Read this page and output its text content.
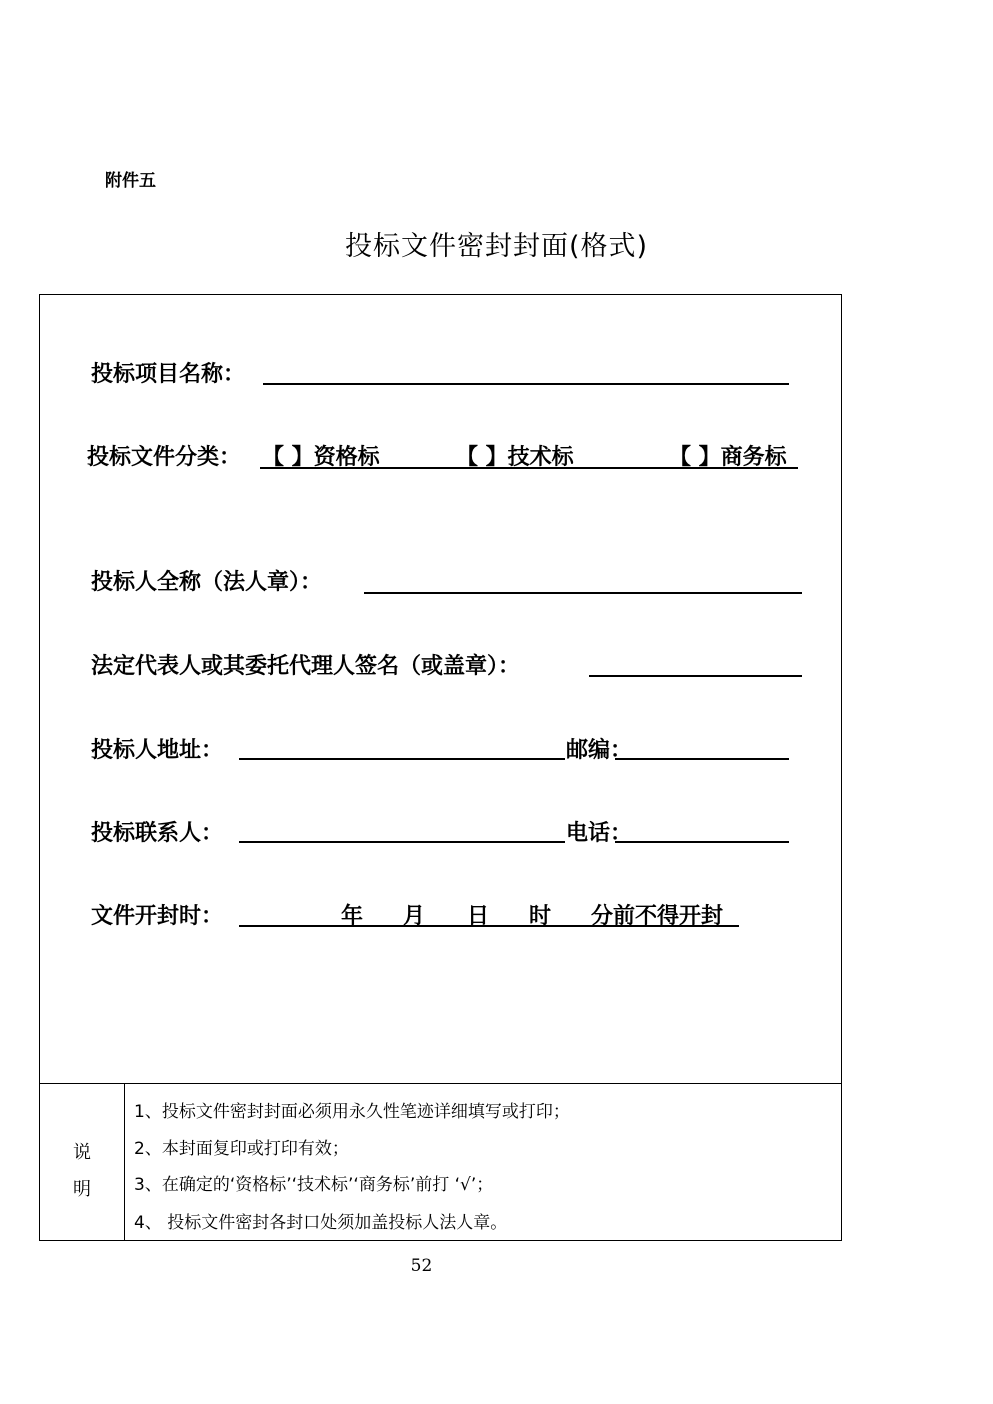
附件五
投标文件密封封面(格式)
投标项目名称：
投标文件分类： 【 】资格标	【 】技术标	【 】商务标
投标人全称（法人章）：
法定代表人或其委托代理人签名（或盖章）：
投标人地址：	邮编：
投标联系人：	电话：
文件开封时：	年 月 日 时 分前不得开封
说
明
1、投标文件密封封面必须用永久性笔迹详细填写或打印；
2、本封面复印或打印有效；
3、在确定的‘资格标’‘技术标’‘商务标’前打 ‘√’；
4、 投标文件密封各封口处须加盖投标人法人章。
52
